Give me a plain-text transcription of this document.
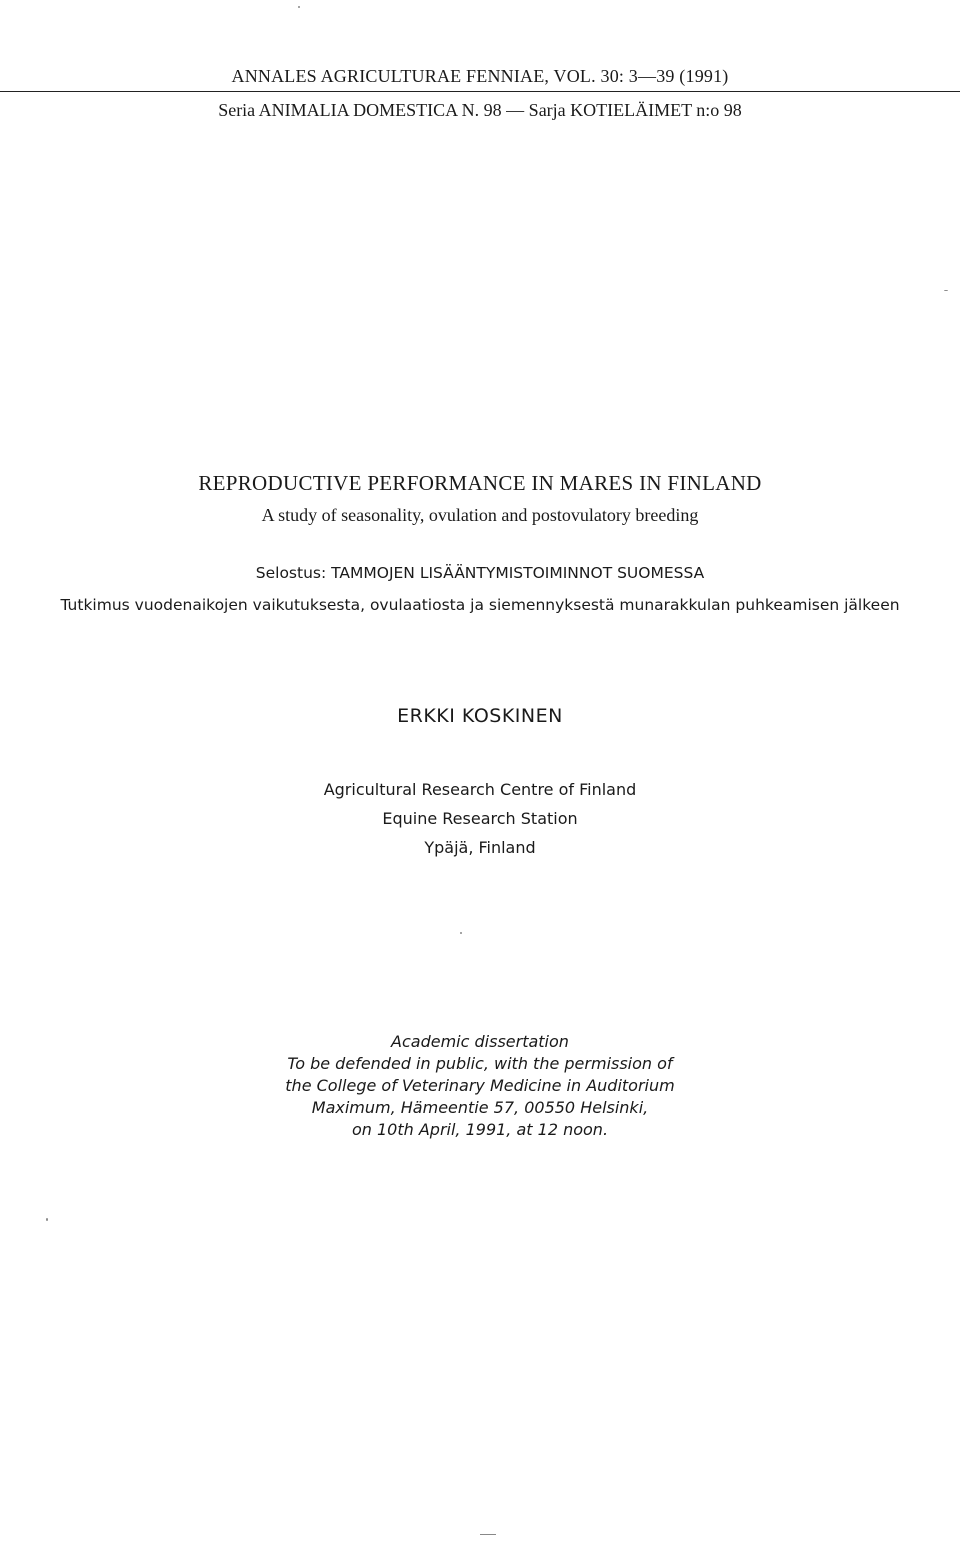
ANNALES AGRICULTURAE FENNIAE, VOL. 30: 3—39 (1991)
Seria ANIMALIA DOMESTICA N. 98 — Sarja KOTIELÄIMET n:o 98
REPRODUCTIVE PERFORMANCE IN MARES IN FINLAND
A study of seasonality, ovulation and postovulatory breeding
Selostus: TAMMOJEN LISÄÄNTYMISTOIMINNOT SUOMESSA
Tutkimus vuodenaikojen vaikutuksesta, ovulaatiosta ja siemennyksestä munarakkulan puhkeamisen jälkeen
ERKKI KOSKINEN
Agricultural Research Centre of Finland
Equine Research Station
Ypäjä, Finland
Academic dissertation
To be defended in public, with the permission of
the College of Veterinary Medicine in Auditorium
Maximum, Hämeentie 57, 00550 Helsinki,
on 10th April, 1991, at 12 noon.
